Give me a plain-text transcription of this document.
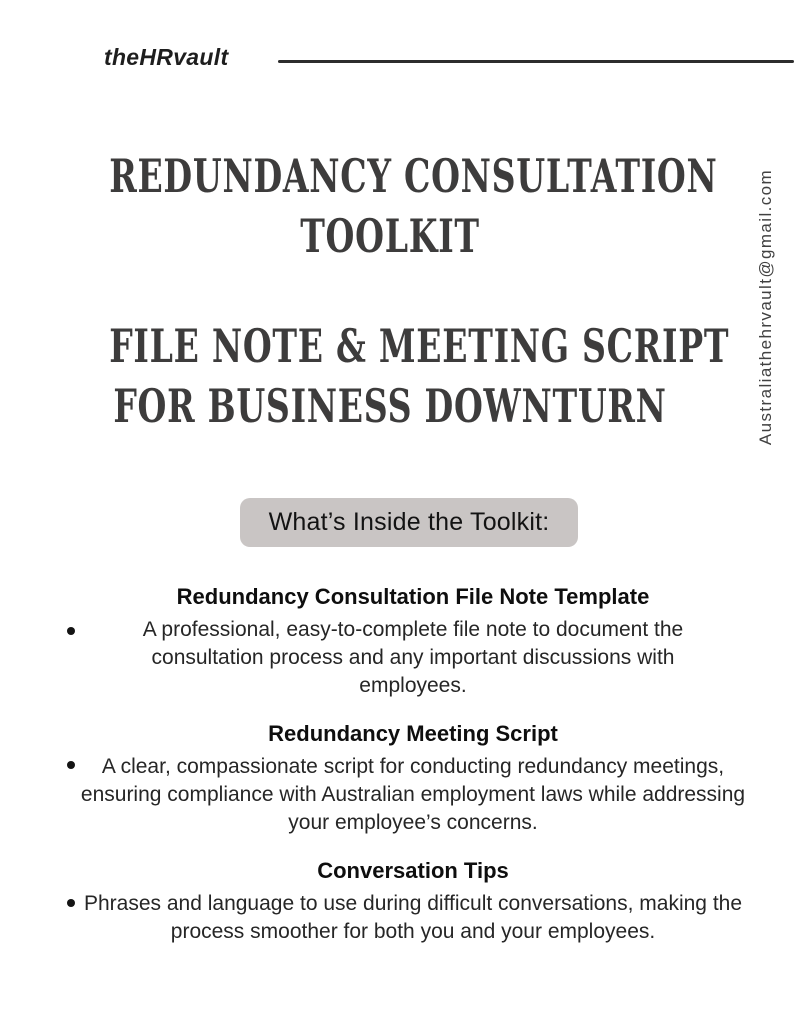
theHRvault
REDUNDANCY CONSULTATION
TOOLKIT
FILE NOTE & MEETING SCRIPT
FOR BUSINESS DOWNTURN	Australiathehrvault@gmail.com
What’s Inside the Toolkit:
Redundancy Consultation File Note Template

A professional, easy-to-complete file note to document the consultation process and any important discussions with employees.

Redundancy Meeting Script

A clear, compassionate script for conducting redundancy meetings, ensuring compliance with Australian employment laws while addressing your employee’s concerns.

Conversation Tips

Phrases and language to use during difficult conversations, making the process smoother for both you and your employees.
